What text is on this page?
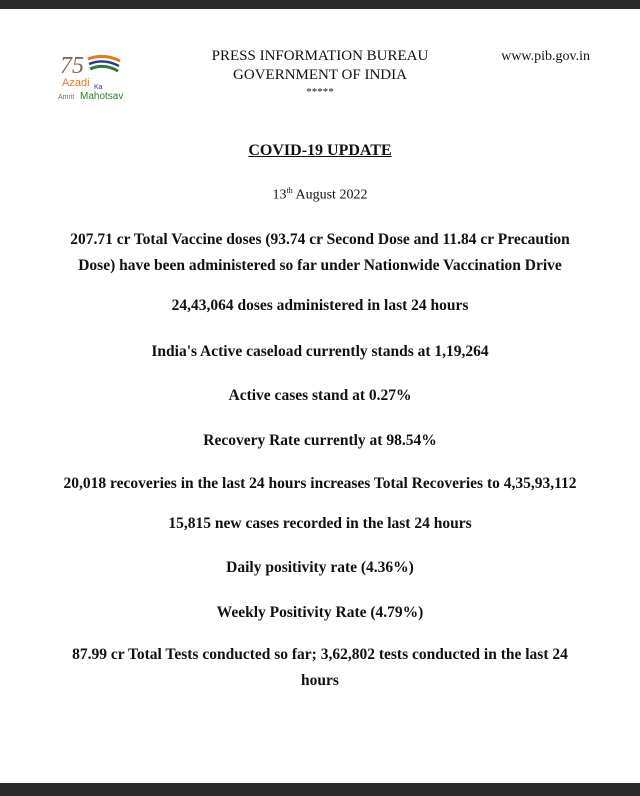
75
Azadi Ka
Amrit Mahotsav
PRESS INFORMATION BUREAU
GOVERNMENT OF INDIA
*****
www.pib.gov.in
COVID-19 UPDATE
13th August 2022
207.71 cr Total Vaccine doses (93.74 cr Second Dose and 11.84 cr Precaution Dose) have been administered so far under Nationwide Vaccination Drive
24,43,064 doses administered in last 24 hours
India's Active caseload currently stands at 1,19,264
Active cases stand at 0.27%
Recovery Rate currently at 98.54%
20,018 recoveries in the last 24 hours increases Total Recoveries to 4,35,93,112
15,815 new cases recorded in the last 24 hours
Daily positivity rate (4.36%)
Weekly Positivity Rate (4.79%)
87.99 cr Total Tests conducted so far; 3,62,802 tests conducted in the last 24 hours
